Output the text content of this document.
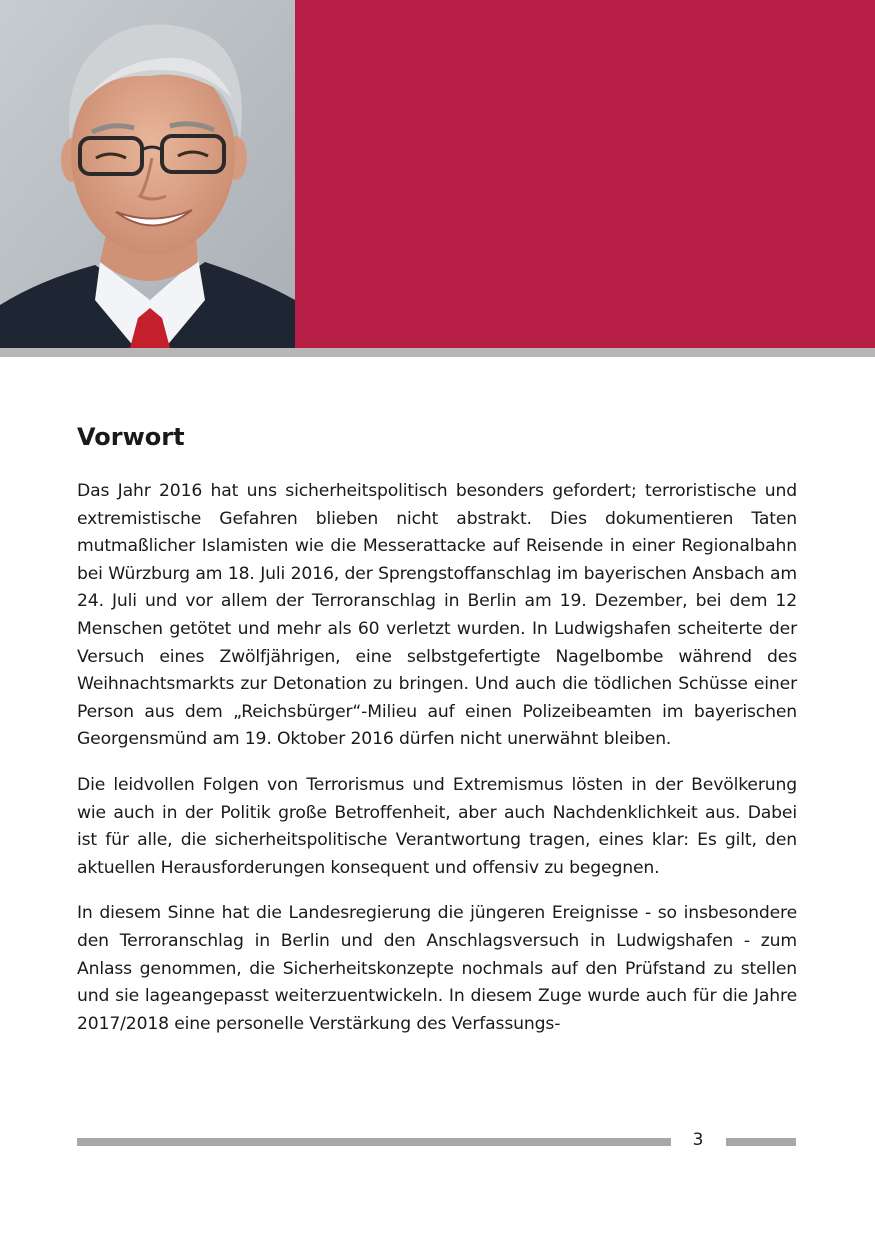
Vorwort

Das Jahr 2016 hat uns sicherheitspolitisch besonders gefordert; terroristische und extremistische Gefahren blieben nicht abstrakt. Dies dokumentieren Taten mutmaßlicher Islamisten wie die Messerattacke auf Reisende in einer Regionalbahn bei Würzburg am 18. Juli 2016, der Sprengstoffanschlag im bayerischen Ansbach am 24. Juli und vor allem der Terroranschlag in Berlin am 19. Dezember, bei dem 12 Menschen getötet und mehr als 60 verletzt wurden. In Ludwigshafen scheiterte der Versuch eines Zwölfjährigen, eine selbstgefertigte Nagelbombe während des Weihnachtsmarkts zur Detonation zu bringen. Und auch die tödlichen Schüsse einer Person aus dem „Reichsbürger“-Milieu auf einen Polizeibeamten im bayerischen Georgensmünd am 19. Oktober 2016 dürfen nicht unerwähnt bleiben.

Die leidvollen Folgen von Terrorismus und Extremismus lösten in der Bevölkerung wie auch in der Politik große Betroffenheit, aber auch Nachdenklichkeit aus. Dabei ist für alle, die sicherheitspolitische Verantwortung tragen, eines klar: Es gilt, den aktuellen Herausforderungen konsequent und offensiv zu begegnen.

In diesem Sinne hat die Landesregierung die jüngeren Ereignisse - so insbesondere den Terroranschlag in Berlin und den Anschlagsversuch in Ludwigshafen - zum Anlass genommen, die Sicherheitskonzepte nochmals auf den Prüfstand zu stellen und sie lageangepasst weiterzuentwickeln. In diesem Zuge wurde auch für die Jahre 2017/2018 eine personelle Verstärkung des Verfassungs-

3
